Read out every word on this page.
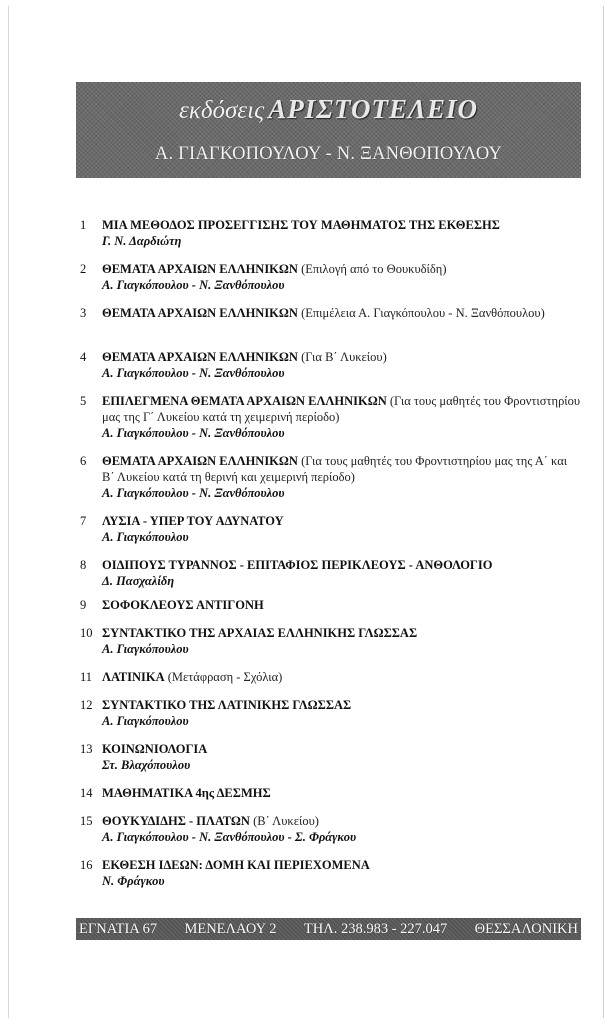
εκδόσεις ΑΡΙΣΤΟΤΕΛΕΙΟ
Α. ΓΙΑΓΚΟΠΟΥΛΟΥ - Ν. ΞΑΝΘΟΠΟΥΛΟΥ
1	ΜΙΑ ΜΕΘΟΔΟΣ ΠΡΟΣΕΓΓΙΣΗΣ ΤΟΥ ΜΑΘΗΜΑΤΟΣ ΤΗΣ ΕΚΘΕΣΗΣ
Γ. Ν. Δαρδιώτη
2	ΘΕΜΑΤΑ ΑΡΧΑΙΩΝ ΕΛΛΗΝΙΚΩΝ (Επιλογή από το Θουκυδίδη)
Α. Γιαγκόπουλου - Ν. Ξανθόπουλου
3	ΘΕΜΑΤΑ ΑΡΧΑΙΩΝ ΕΛΛΗΝΙΚΩΝ (Επιμέλεια Α. Γιαγκόπουλου - Ν. Ξανθόπουλου)
4	ΘΕΜΑΤΑ ΑΡΧΑΙΩΝ ΕΛΛΗΝΙΚΩΝ (Για Β΄ Λυκείου)
Α. Γιαγκόπουλου - Ν. Ξανθόπουλου
5	ΕΠΙΛΕΓΜΕΝΑ ΘΕΜΑΤΑ ΑΡΧΑΙΩΝ ΕΛΛΗΝΙΚΩΝ (Για τους μαθητές του Φροντιστηρίου μας της Γ΄ Λυκείου κατά τη χειμερινή περίοδο)
Α. Γιαγκόπουλου - Ν. Ξανθόπουλου
6	ΘΕΜΑΤΑ ΑΡΧΑΙΩΝ ΕΛΛΗΝΙΚΩΝ (Για τους μαθητές του Φροντιστηρίου μας της Α΄ και Β΄ Λυκείου κατά τη θερινή και χειμερινή περίοδο)
Α. Γιαγκόπουλου - Ν. Ξανθόπουλου
7	ΛΥΣΙΑ - ΥΠΕΡ ΤΟΥ ΑΔΥΝΑΤΟΥ
Α. Γιαγκόπουλου
8	ΟΙΔΙΠΟΥΣ ΤΥΡΑΝΝΟΣ - ΕΠΙΤΑΦΙΟΣ ΠΕΡΙΚΛΕΟΥΣ - ΑΝΘΟΛΟΓΙΟ
Δ. Πασχαλίδη
9	ΣΟΦΟΚΛΕΟΥΣ ΑΝΤΙΓΟΝΗ
10 ΣΥΝΤΑΚΤΙΚΟ ΤΗΣ ΑΡΧΑΙΑΣ ΕΛΛΗΝΙΚΗΣ ΓΛΩΣΣΑΣ
Α. Γιαγκόπουλου
11 ΛΑΤΙΝΙΚΑ (Μετάφραση - Σχόλια)
12 ΣΥΝΤΑΚΤΙΚΟ ΤΗΣ ΛΑΤΙΝΙΚΗΣ ΓΛΩΣΣΑΣ
Α. Γιαγκόπουλου
13 ΚΟΙΝΩΝΙΟΛΟΓΙΑ
Στ. Βλαχόπουλου
14 ΜΑΘΗΜΑΤΙΚΑ 4ης ΔΕΣΜΗΣ
15 ΘΟΥΚΥΔΙΔΗΣ - ΠΛΑΤΩΝ (Β΄ Λυκείου)
Α. Γιαγκόπουλου - Ν. Ξανθόπουλου - Σ. Φράγκου
16 ΕΚΘΕΣΗ ΙΔΕΩΝ: ΔΟΜΗ ΚΑΙ ΠΕΡΙΕΧΟΜΕΝΑ
Ν. Φράγκου
ΕΓΝΑΤΙΑ 67 ΜΕΝΕΛΑΟΥ 2 ΤΗΛ. 238.983 - 227.047 ΘΕΣΣΑΛΟΝΙΚΗ
